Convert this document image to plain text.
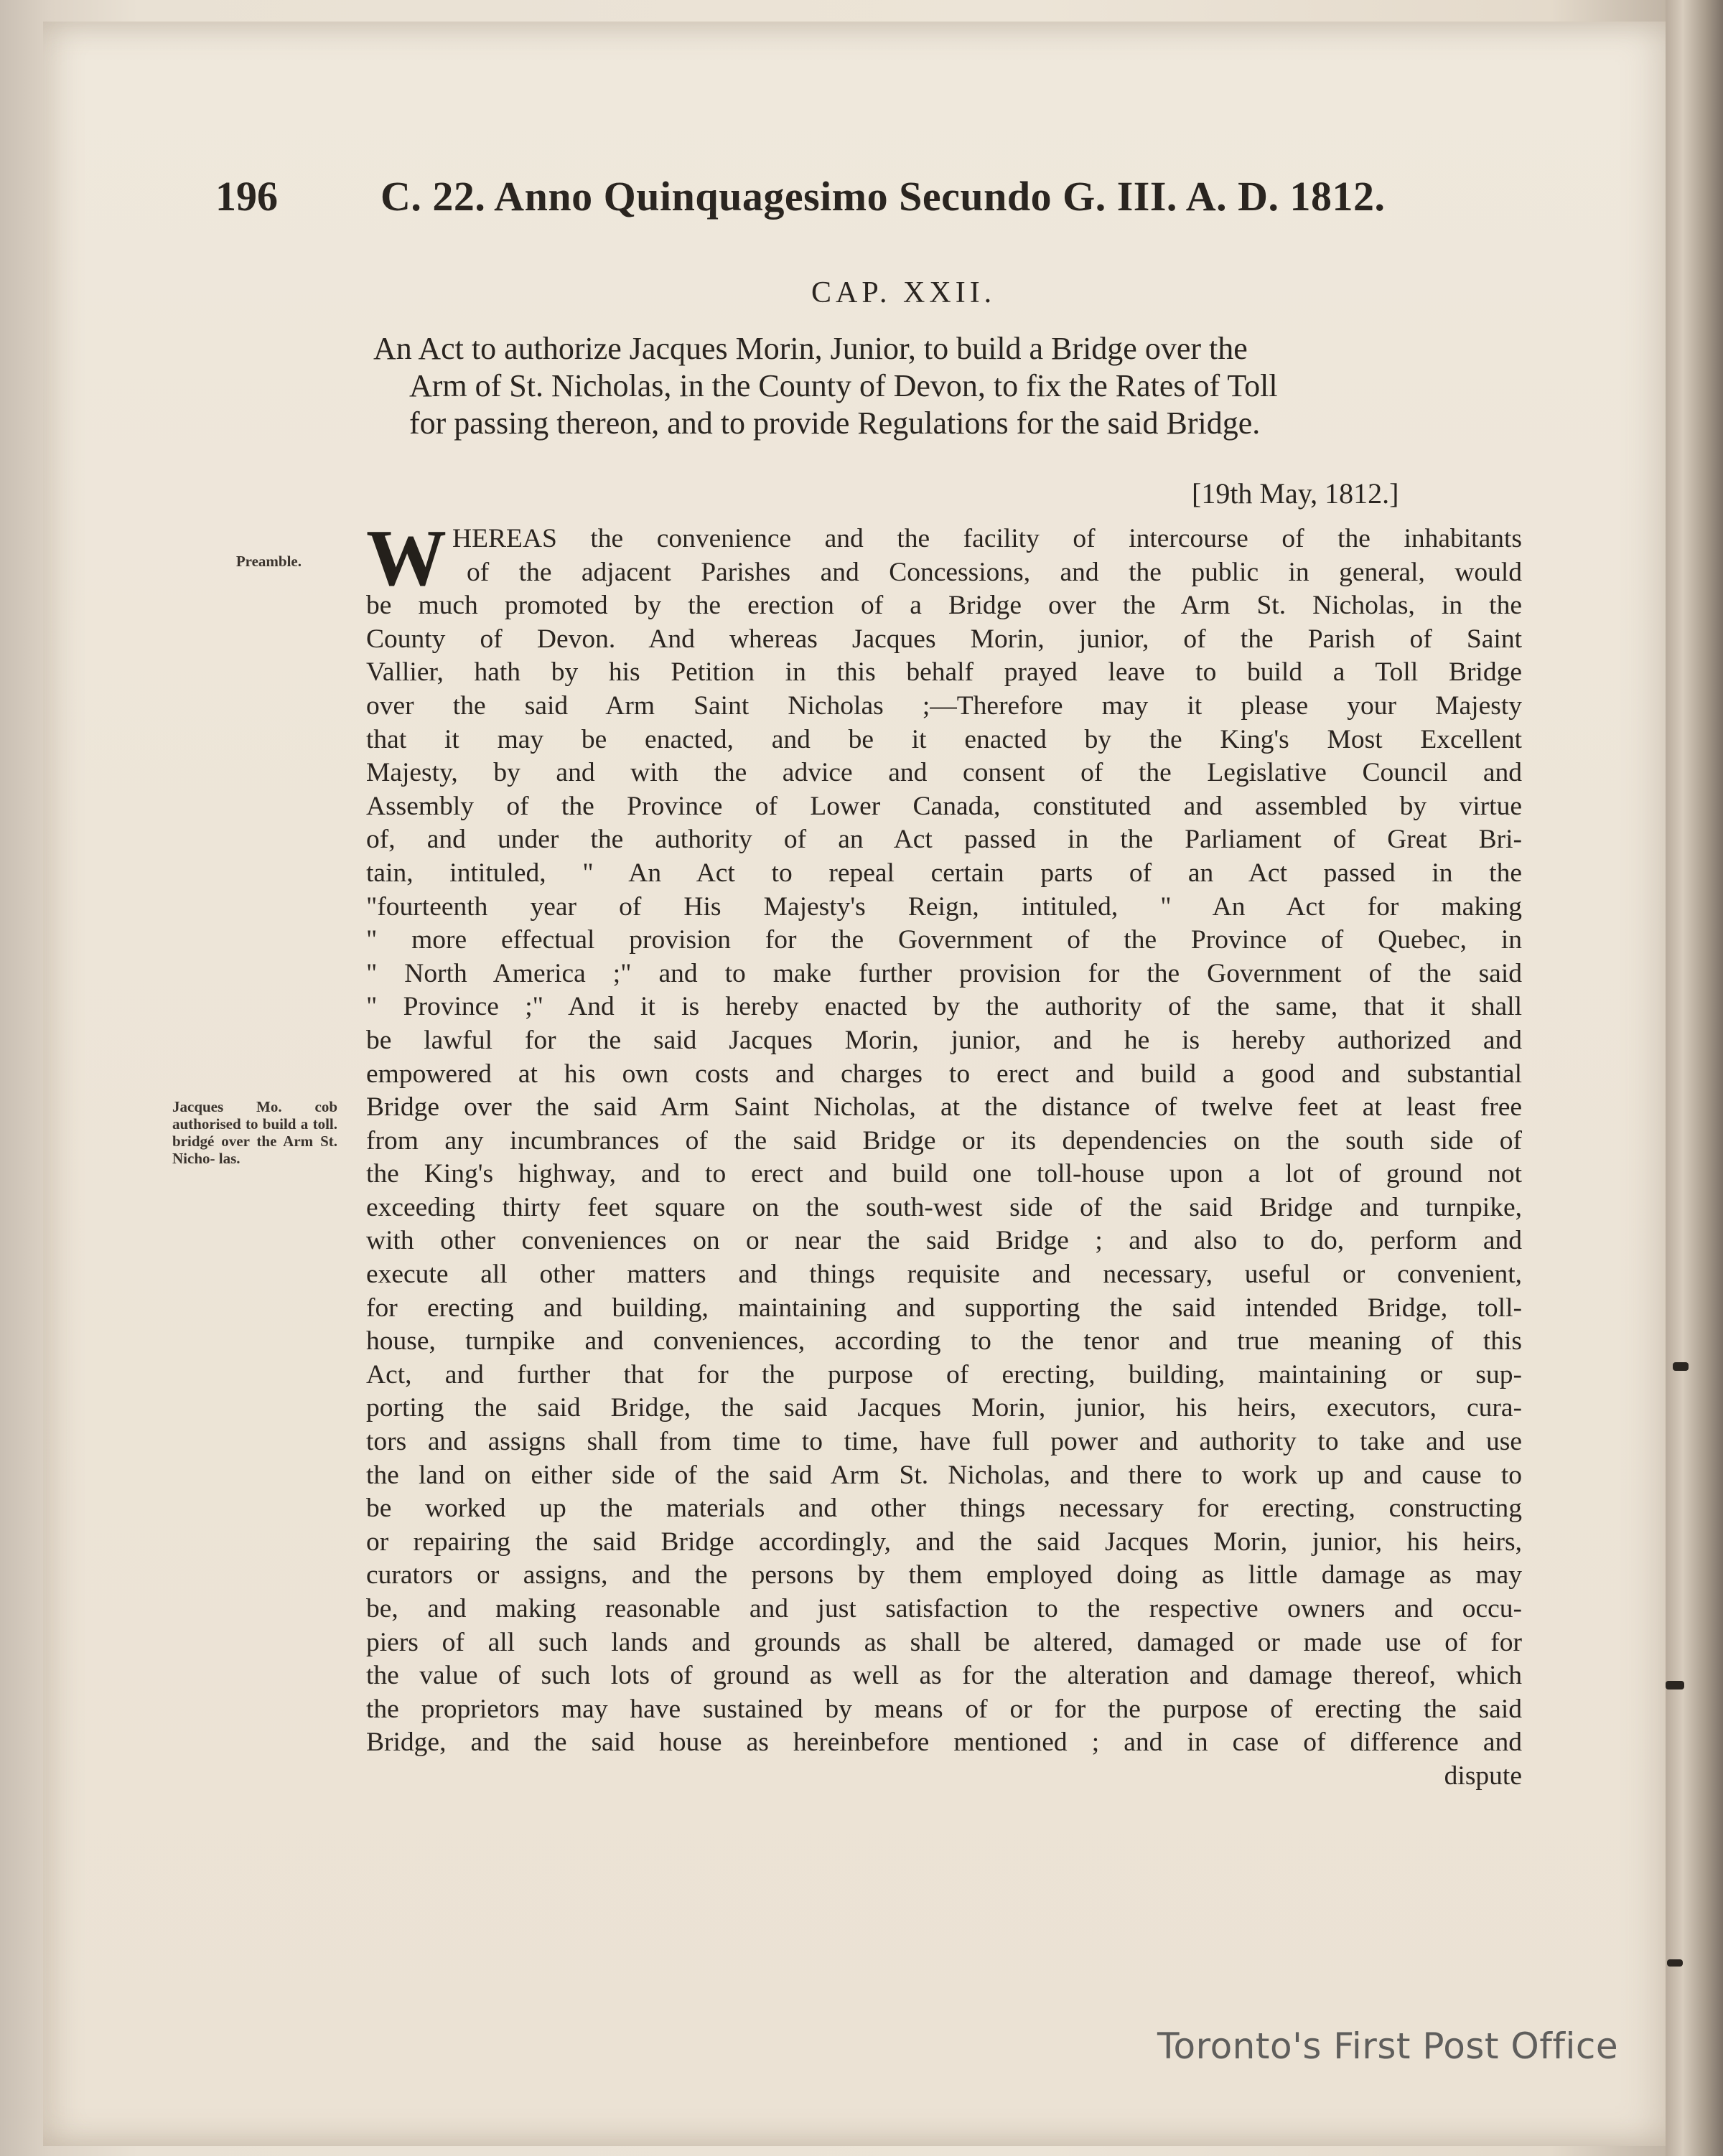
196	C. 22. Anno Quinquagesimo Secundo G. III. A. D. 1812.
CAP. XXII.

An Act to authorize Jacques Morin, Junior, to build a Bridge over the

Arm of St. Nicholas, in the County of Devon, to fix the Rates of Toll

for passing thereon, and to provide Regulations for the said Bridge.

[19th May, 1812.]
Preamble.
Jacques Mo. cob authorised to build a toll. bridgé over the Arm St. Nicho- las.
W HEREAS the convenience and the facility of intercourse of the inhabitants
of the adjacent Parishes and Concessions, and the public in general, would
be much promoted by the erection of a Bridge over the Arm St. Nicholas, in the
County of Devon. And whereas Jacques Morin, junior, of the Parish of Saint
Vallier, hath by his Petition in this behalf prayed leave to build a Toll Bridge
over the said Arm Saint Nicholas ;—Therefore may it please your Majesty
that it may be enacted, and be it enacted by the King's Most Excellent
Majesty, by and with the advice and consent of the Legislative Council and
Assembly of the Province of Lower Canada, constituted and assembled by virtue
of, and under the authority of an Act passed in the Parliament of Great Bri-
tain, intituled, " An Act to repeal certain parts of an Act passed in the
"fourteenth year of His Majesty's Reign, intituled, " An Act for making
" more effectual provision for the Government of the Province of Quebec, in
" North America ;" and to make further provision for the Government of the said
" Province ;" And it is hereby enacted by the authority of the same, that it shall
be lawful for the said Jacques Morin, junior, and he is hereby authorized and
empowered at his own costs and charges to erect and build a good and substantial
Bridge over the said Arm Saint Nicholas, at the distance of twelve feet at least free
from any incumbrances of the said Bridge or its dependencies on the south side of
the King's highway, and to erect and build one toll-house upon a lot of ground not
exceeding thirty feet square on the south-west side of the said Bridge and turnpike,
with other conveniences on or near the said Bridge ; and also to do, perform and
execute all other matters and things requisite and necessary, useful or convenient,
for erecting and building, maintaining and supporting the said intended Bridge, toll-
house, turnpike and conveniences, according to the tenor and true meaning of this
Act, and further that for the purpose of erecting, building, maintaining or sup-
porting the said Bridge, the said Jacques Morin, junior, his heirs, executors, cura-
tors and assigns shall from time to time, have full power and authority to take and use
the land on either side of the said Arm St. Nicholas, and there to work up and cause to
be worked up the materials and other things necessary for erecting, constructing
or repairing the said Bridge accordingly, and the said Jacques Morin, junior, his heirs,
curators or assigns, and the persons by them employed doing as little damage as may
be, and making reasonable and just satisfaction to the respective owners and occu-
piers of all such lands and grounds as shall be altered, damaged or made use of for
the value of such lots of ground as well as for the alteration and damage thereof, which
the proprietors may have sustained by means of or for the purpose of erecting the said
Bridge, and the said house as hereinbefore mentioned ; and in case of difference and
dispute
Toronto's First Post Office
